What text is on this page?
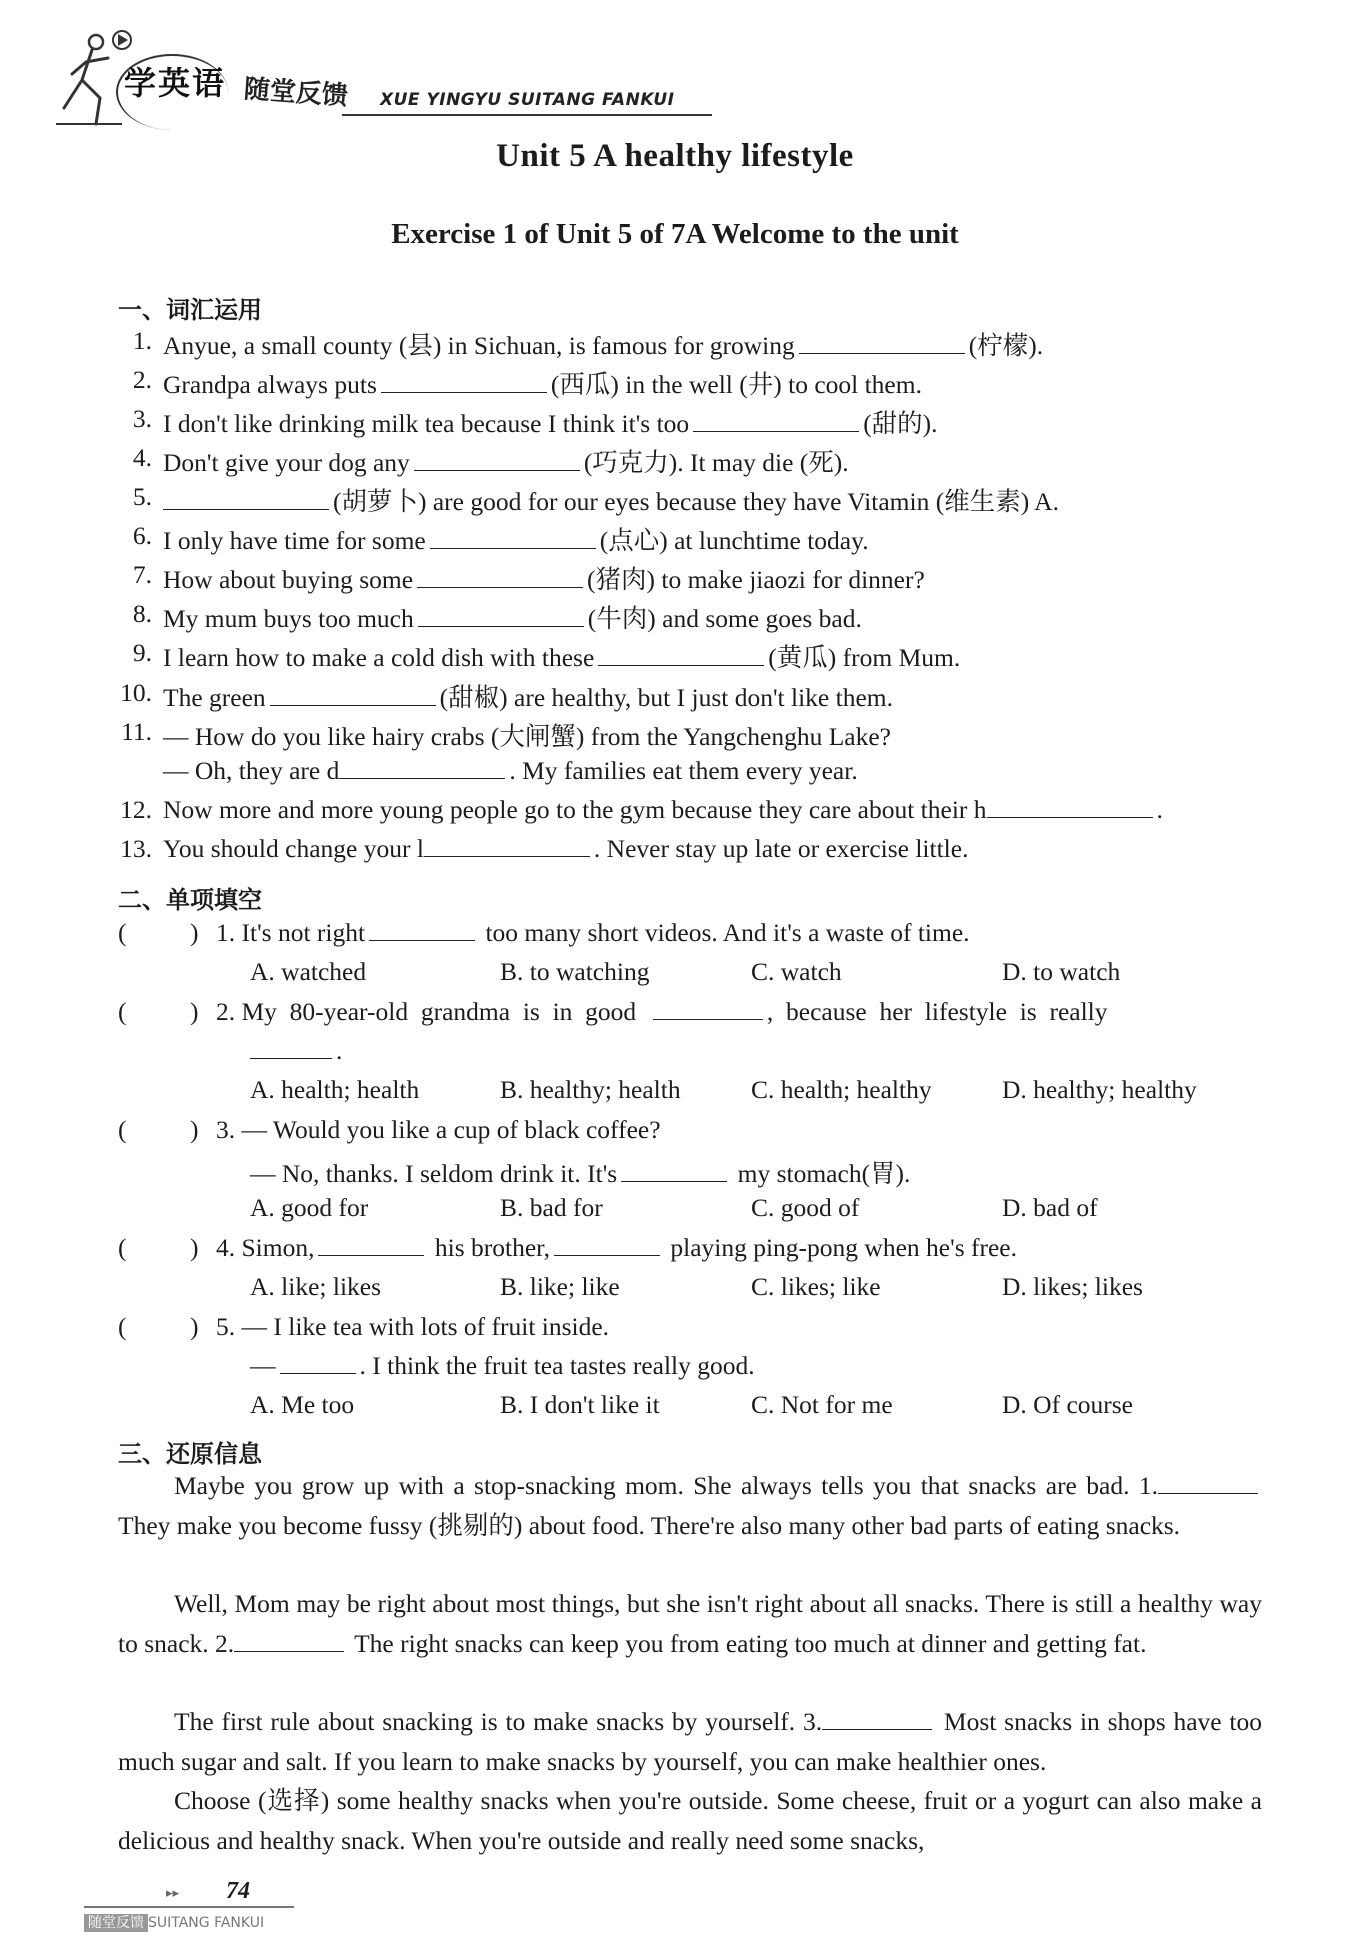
学英语 随堂反馈 XUE YINGYU SUITANG FANKUI
Unit 5 A healthy lifestyle
Exercise 1 of Unit 5 of 7A Welcome to the unit
一、词汇运用
1. Anyue, a small county (县) in Sichuan, is famous for growing	(柠檬).
2. Grandpa always puts	(西瓜) in the well (井) to cool them.
3. I don't like drinking milk tea because I think it's too	(甜的).
4. Don't give your dog any	(巧克力). It may die (死).
5.	(胡萝卜) are good for our eyes because they have Vitamin (维生素) A.
6. I only have time for some	(点心) at lunchtime today.
7. How about buying some	(猪肉) to make jiaozi for dinner?
8. My mum buys too much	(牛肉) and some goes bad.
9. I learn how to make a cold dish with these	(黄瓜) from Mum.
10. The green	(甜椒) are healthy, but I just don't like them.
11. — How do you like hairy crabs (大闸蟹) from the Yangchenghu Lake?
— Oh, they are d	. My families eat them every year.
12. Now more and more young people go to the gym because they care about their h	.
13. You should change your l	. Never stay up late or exercise little.
二、单项填空
( ) 1. It's not right	too many short videos. And it's a waste of time.
A. watched	B. to watching	C. watch	D. to watch
( ) 2. My  80-year-old  grandma  is  in  good	,  because  her  lifestyle  is  really
.
A. health; health	B. healthy; health	C. health; healthy	D. healthy; healthy
( ) 3. — Would you like a cup of black coffee?
— No, thanks. I seldom drink it. It's	my stomach(胃).
A. good for	B. bad for	C. good of	D. bad of
( ) 4. Simon,	his brother,	playing ping-pong when he's free.
A. like; likes	B. like; like	C. likes; like	D. likes; likes
( ) 5. — I like tea with lots of fruit inside.
—	. I think the fruit tea tastes really good.
A. Me too	B. I don't like it	C. Not for me	D. Of course
三、还原信息
Maybe you grow up with a stop-snacking mom. She always tells you that snacks are bad. 1. They make you become fussy (挑剔的) about food. There're also many other bad parts of eating snacks.
Well, Mom may be right about most things, but she isn't right about all snacks. There is still a healthy way to snack. 2.	The right snacks can keep you from eating too much at dinner and getting fat.
The first rule about snacking is to make snacks by yourself. 3.	Most snacks in shops have too much sugar and salt. If you learn to make snacks by yourself, you can make healthier ones.
Choose (选择) some healthy snacks when you're outside. Some cheese, fruit or a yogurt can also make a delicious and healthy snack. When you're outside and really need some snacks,
▸▸ 74
随堂反馈 SUITANG FANKUI
